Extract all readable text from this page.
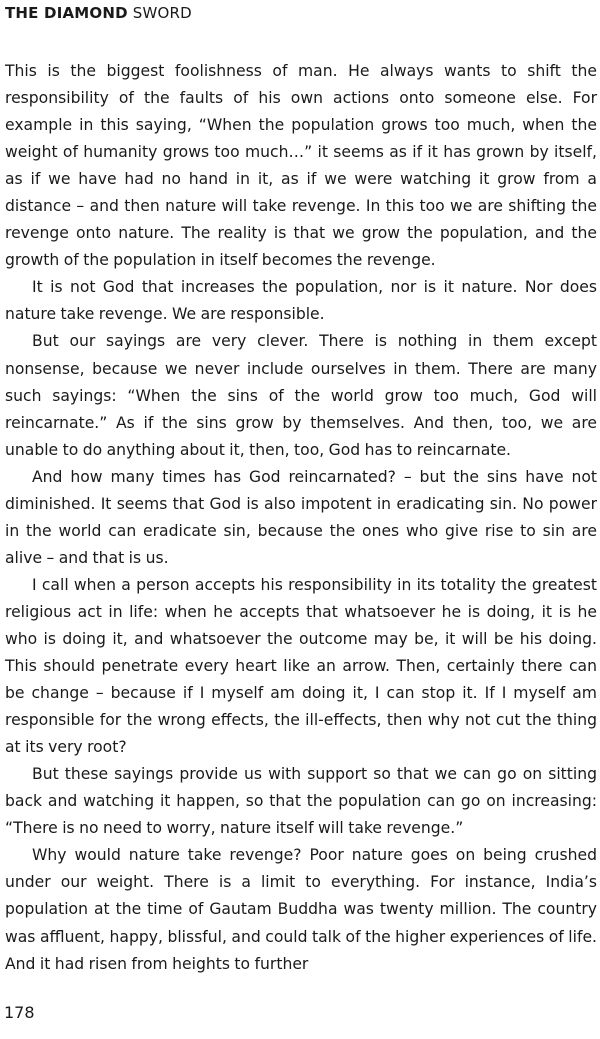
THE DIAMOND SWORD

This is the biggest foolishness of man. He always wants to shift the responsibility of the faults of his own actions onto someone else. For example in this saying, “When the population grows too much, when the weight of humanity grows too much…” it seems as if it has grown by itself, as if we have had no hand in it, as if we were watching it grow from a distance – and then nature will take revenge. In this too we are shifting the revenge onto nature. The reality is that we grow the population, and the growth of the population in itself becomes the revenge.

It is not God that increases the population, nor is it nature. Nor does nature take revenge. We are responsible.

But our sayings are very clever. There is nothing in them except nonsense, because we never include ourselves in them. There are many such sayings: “When the sins of the world grow too much, God will reincarnate.” As if the sins grow by themselves. And then, too, we are unable to do anything about it, then, too, God has to reincarnate.

And how many times has God reincarnated? – but the sins have not diminished. It seems that God is also impotent in eradicating sin. No power in the world can eradicate sin, because the ones who give rise to sin are alive – and that is us.

I call when a person accepts his responsibility in its totality the greatest religious act in life: when he accepts that whatsoever he is doing, it is he who is doing it, and whatsoever the outcome may be, it will be his doing. This should penetrate every heart like an arrow. Then, certainly there can be change – because if I myself am doing it, I can stop it. If I myself am responsible for the wrong effects, the ill-effects, then why not cut the thing at its very root?

But these sayings provide us with support so that we can go on sitting back and watching it happen, so that the population can go on increasing: “There is no need to worry, nature itself will take revenge.”

Why would nature take revenge? Poor nature goes on being crushed under our weight. There is a limit to everything. For instance, India’s population at the time of Gautam Buddha was twenty million. The country was affluent, happy, blissful, and could talk of the higher experiences of life. And it had risen from heights to further

178
